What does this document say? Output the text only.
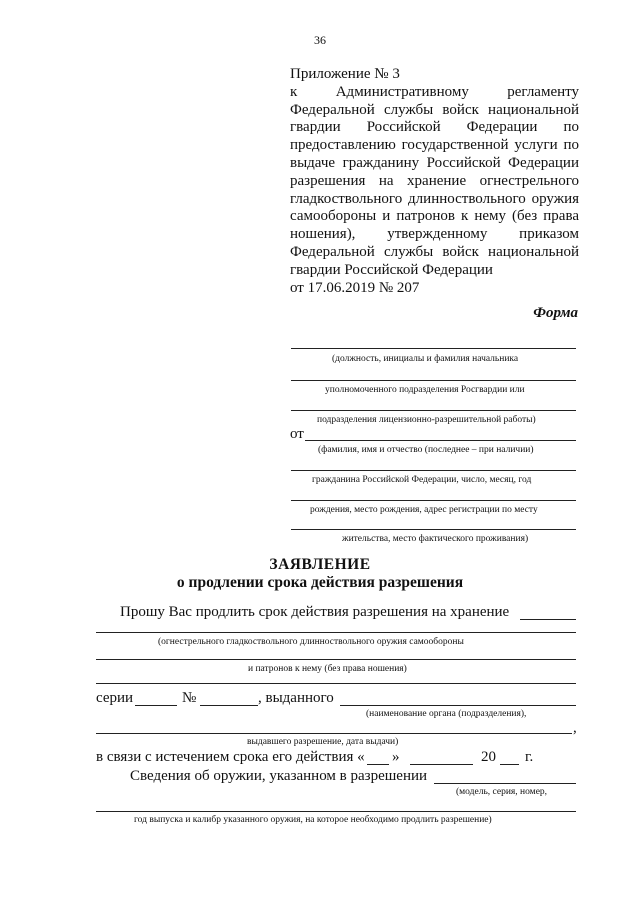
36
Приложение № 3
к Административному регламенту
Федеральной службы войск национальной
гвардии Российской Федерации по
предоставлению государственной услуги по
выдаче гражданину Российской Федерации
разрешения на хранение огнестрельного
гладкоствольного длинноствольного оружия
самообороны и патронов к нему (без права
ношения), утвержденному приказом
Федеральной службы войск национальной
гвардии Российской Федерации
от 17.06.2019 № 207
Форма
(должность, инициалы и фамилия начальника
уполномоченного подразделения Росгвардии или
подразделения лицензионно-разрешительной работы)
от
(фамилия, имя и отчество (последнее – при наличии)
гражданина Российской Федерации, число, месяц, год
рождения, место рождения, адрес регистрации по месту
жительства, место фактического проживания)
ЗАЯВЛЕНИЕ
о продлении срока действия разрешения
Прошу Вас продлить срок действия разрешения на хранение
(огнестрельного гладкоствольного длинноствольного оружия самообороны
и патронов к нему (без права ношения)
серии	№	, выданного
(наименование органа (подразделения),
,
выдавшего разрешение, дата выдачи)
в связи с истечением срока его действия « »	20 г.
Сведения об оружии, указанном в разрешении
(модель, серия, номер,
год выпуска и калибр указанного оружия, на которое необходимо продлить разрешение)
